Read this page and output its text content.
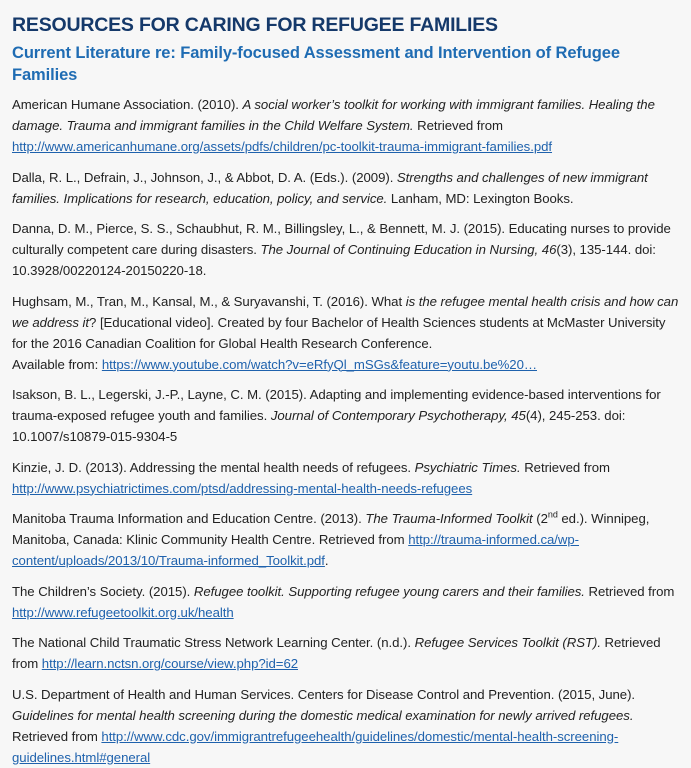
RESOURCES FOR CARING FOR REFUGEE FAMILIES
Current Literature re: Family-focused Assessment and Intervention of Refugee Families

American Humane Association. (2010). A social worker’s toolkit for working with immigrant families. Healing the damage. Trauma and immigrant families in the Child Welfare System. Retrieved from
http://www.americanhumane.org/assets/pdfs/children/pc-toolkit-trauma-immigrant-families.pdf

Dalla, R. L., Defrain, J., Johnson, J., & Abbot, D. A. (Eds.). (2009). Strengths and challenges of new immigrant families. Implications for research, education, policy, and service. Lanham, MD: Lexington Books.

Danna, D. M., Pierce, S. S., Schaubhut, R. M., Billingsley, L., & Bennett, M. J. (2015). Educating nurses to provide culturally competent care during disasters. The Journal of Continuing Education in Nursing, 46(3), 135-144. doi: 10.3928/00220124-20150220-18.

Hughsam, M., Tran, M., Kansal, M., & Suryavanshi, T. (2016). What is the refugee mental health crisis and how can we address it? [Educational video]. Created by four Bachelor of Health Sciences students at McMaster University for the 2016 Canadian Coalition for Global Health Research Conference.
Available from: https://www.youtube.com/watch?v=eRfyQl_mSGs&feature=youtu.be%20…

Isakson, B. L., Legerski, J.-P., Layne, C. M. (2015). Adapting and implementing evidence-based interventions for trauma-exposed refugee youth and families. Journal of Contemporary Psychotherapy, 45(4), 245-253. doi: 10.1007/s10879-015-9304-5

Kinzie, J. D. (2013). Addressing the mental health needs of refugees. Psychiatric Times. Retrieved from
http://www.psychiatrictimes.com/ptsd/addressing-mental-health-needs-refugees

Manitoba Trauma Information and Education Centre. (2013). The Trauma-Informed Toolkit (2nd ed.). Winnipeg, Manitoba, Canada: Klinic Community Health Centre. Retrieved from http://trauma-informed.ca/wp-content/uploads/2013/10/Trauma-informed_Toolkit.pdf.

The Children’s Society. (2015). Refugee toolkit. Supporting refugee young carers and their families. Retrieved from
http://www.refugeetoolkit.org.uk/health

The National Child Traumatic Stress Network Learning Center. (n.d.). Refugee Services Toolkit (RST). Retrieved from http://learn.nctsn.org/course/view.php?id=62

U.S. Department of Health and Human Services. Centers for Disease Control and Prevention. (2015, June). Guidelines for mental health screening during the domestic medical examination for newly arrived refugees.
Retrieved from http://www.cdc.gov/immigrantrefugeehealth/guidelines/domestic/mental-health-screening-guidelines.html#general
